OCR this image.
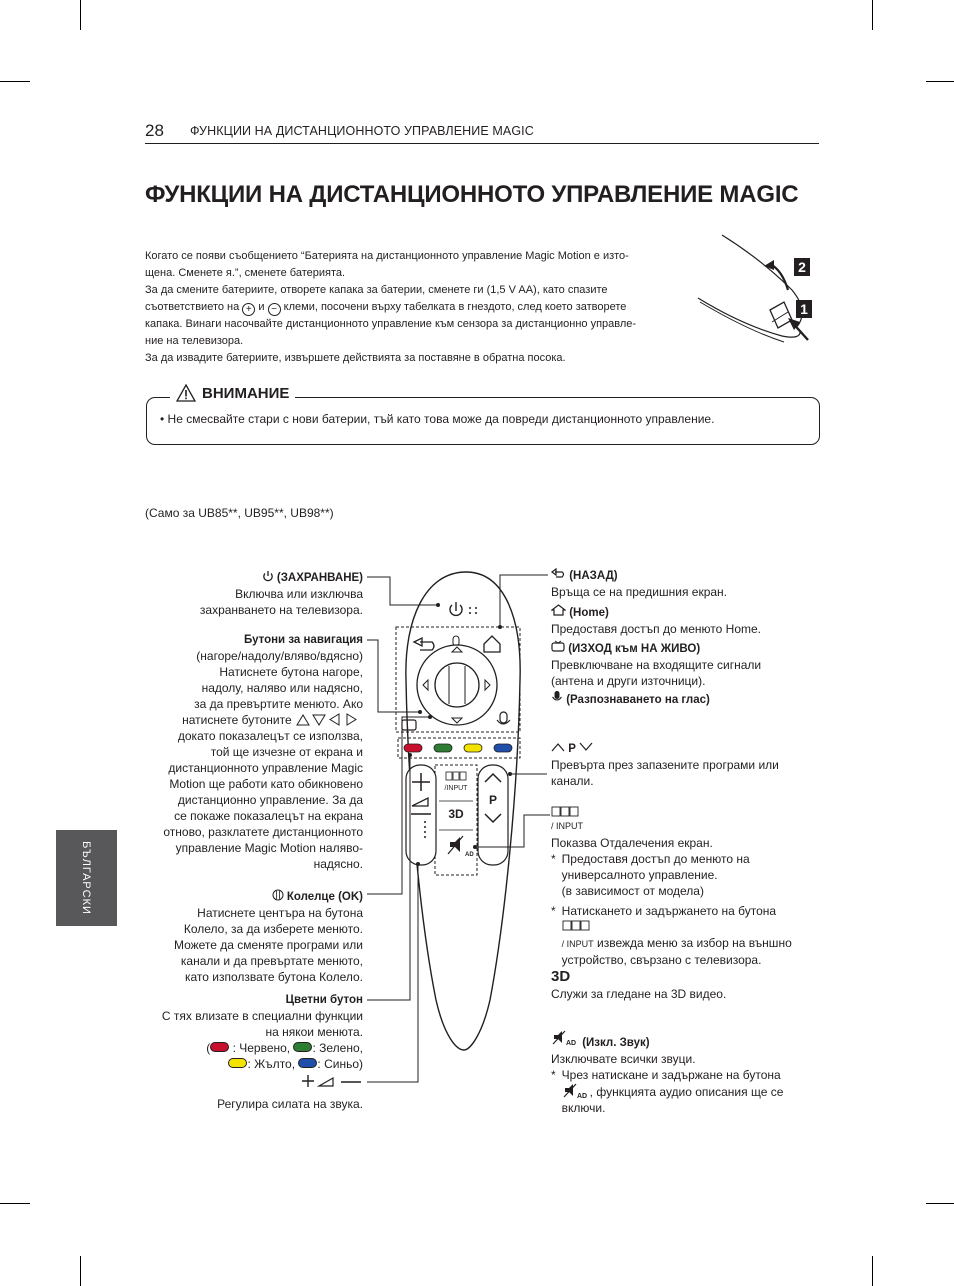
28 ФУНКЦИИ НА ДИСТАНЦИОННОТО УПРАВЛЕНИЕ MAGIC
ФУНКЦИИ НА ДИСТАНЦИОННОТО УПРАВЛЕНИЕ MAGIC

Когато се появи съобщението “Батерията на дистанционното управление Magic Motion е изто-

щена. Сменете я.”, сменете батерията.

За да смените батериите, отворете капака за батерии, сменете ги (1,5 V AA), като спазите

съответствието на + и − клеми, посочени върху табелката в гнездото, след което затворете

капака. Винаги насочвайте дистанционното управление към сензора за дистанционно управле-

ние на телевизора.

За да извадите батериите, извършете действията за поставяне в обратна посока.

2
1
ВНИМАНИЕ
• Не смесвайте стари с нови батерии, тъй като това може да повреди дистанционното управление.
(Само за UB85**, UB95**, UB98**)
БЪЛГАРСКИ
/INPUT
3D
AD
P
(ЗАХРАНВАНЕ)
Включва или изключва
захранването на телевизора.
Бутони за навигация
(нагоре/надолу/вляво/вдясно)
Натиснете бутона нагоре,
надолу, наляво или надясно,
за да превъртите менюто. Ако
натиснете бутоните
докато показалецът се използва,
той ще изчезне от екрана и
дистанционното управление Magic
Motion ще работи като обикновено
дистанционно управление. За да
се покаже показалецът на екрана
отново, разклатете дистанционното
управление Magic Motion наляво-
надясно.
Колелце (OK)
Натиснете центъра на бутона
Колело, за да изберете менюто.
Можете да сменяте програми или
канали и да превъртате менюто,
като използвате бутона Колело.
Цветни бутон
С тях влизате в специални функции
на някои менюта.
( : Червено, : Зелено,
: Жълто, : Синьо)
Регулира силата на звука.
(НАЗАД)
Връща се на предишния екран.
(Home)
Предоставя достъп до менюто Home.
(ИЗХОД към НА ЖИВО)
Превключване на входящите сигнали
(антена и други източници).
(Разпознаването на глас)
P
Превърта през запазените програми или
канали.
/ INPUT
Показва Отдалечения екран.
* Предоставя достъп до менюто на
универсалното управление.
(в зависимост от модела)
* Натискането и задържането на бутона
/ INPUT извежда меню за избор на външно
устройство, свързано с телевизора.
3D
Служи за гледане на 3D видео.
AD (Изкл. Звук)
Изключвате всички звуци.
* Чрез натискане и задържане на бутона
AD , функцията аудио описания ще се
включи.
